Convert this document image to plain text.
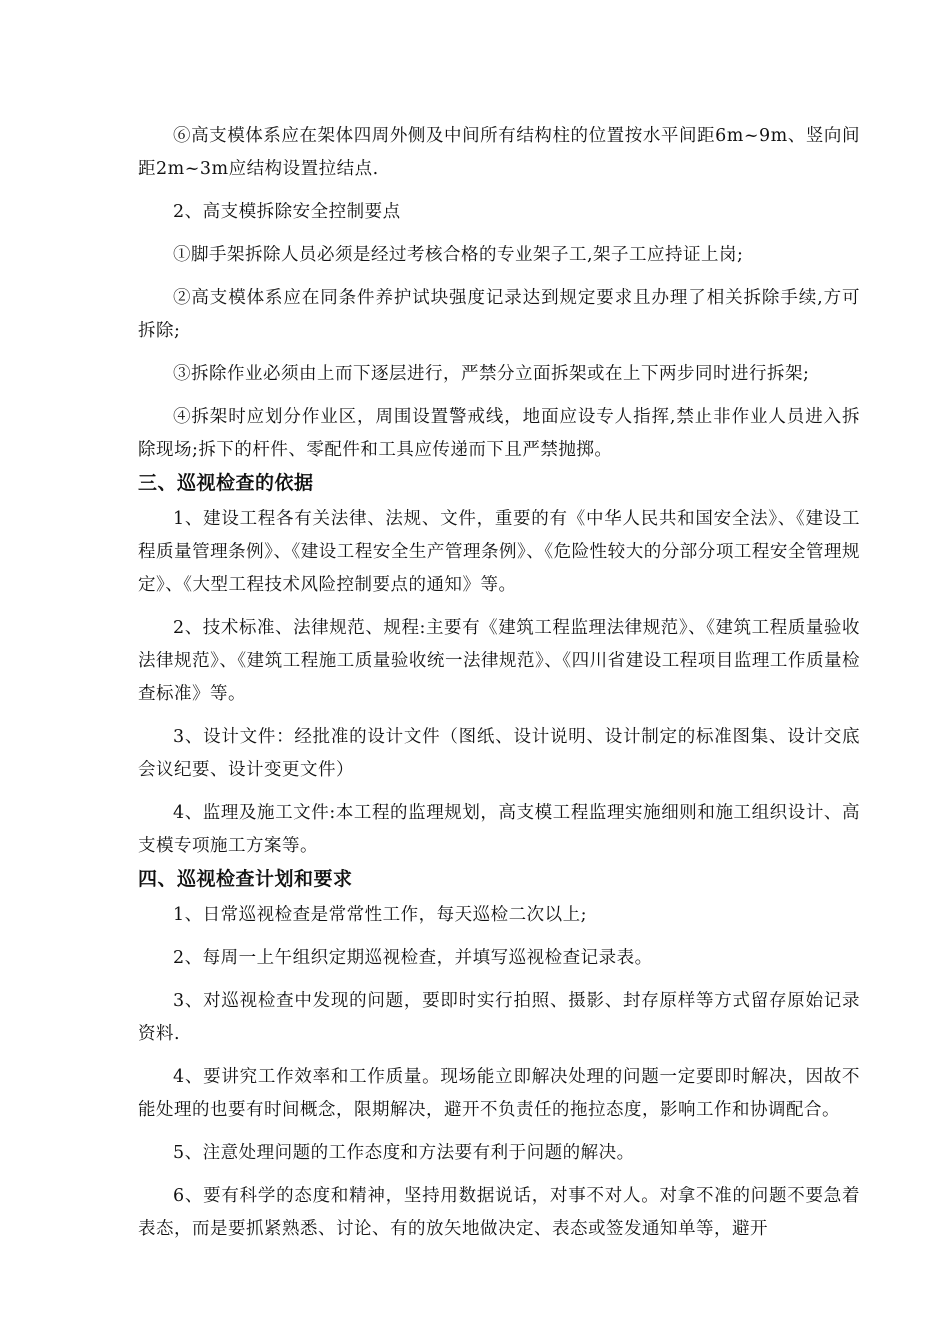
⑥高支模体系应在架体四周外侧及中间所有结构柱的位置按水平间距6m~9m、竖向间距2m~3m应结构设置拉结点.

2、高支模拆除安全控制要点

①脚手架拆除人员必须是经过考核合格的专业架子工,架子工应持证上岗;

②高支模体系应在同条件养护试块强度记录达到规定要求且办理了相关拆除手续,方可拆除;

③拆除作业必须由上而下逐层进行，严禁分立面拆架或在上下两步同时进行拆架;

④拆架时应划分作业区，周围设置警戒线，地面应设专人指挥,禁止非作业人员进入拆除现场;拆下的杆件、零配件和工具应传递而下且严禁抛掷。

三、巡视检查的依据

1、建设工程各有关法律、法规、文件，重要的有《中华人民共和国安全法》、《建设工程质量管理条例》、《建设工程安全生产管理条例》、《危险性较大的分部分项工程安全管理规定》、《大型工程技术风险控制要点的通知》等。

2、技术标准、法律规范、规程:主要有《建筑工程监理法律规范》、《建筑工程质量验收法律规范》、《建筑工程施工质量验收统一法律规范》、《四川省建设工程项目监理工作质量检查标准》等。

3、设计文件：经批准的设计文件（图纸、设计说明、设计制定的标准图集、设计交底会议纪要、设计变更文件）

4、监理及施工文件:本工程的监理规划，高支模工程监理实施细则和施工组织设计、高支模专项施工方案等。

四、巡视检查计划和要求

1、日常巡视检查是常常性工作，每天巡检二次以上;

2、每周一上午组织定期巡视检查，并填写巡视检查记录表。

3、对巡视检查中发现的问题，要即时实行拍照、摄影、封存原样等方式留存原始记录资料.

4、要讲究工作效率和工作质量。现场能立即解决处理的问题一定要即时解决，因故不能处理的也要有时间概念，限期解决，避开不负责任的拖拉态度，影响工作和协调配合。

5、注意处理问题的工作态度和方法要有利于问题的解决。

6、要有科学的态度和精神，坚持用数据说话，对事不对人。对拿不准的问题不要急着表态，而是要抓紧熟悉、讨论、有的放矢地做决定、表态或签发通知单等，避开
